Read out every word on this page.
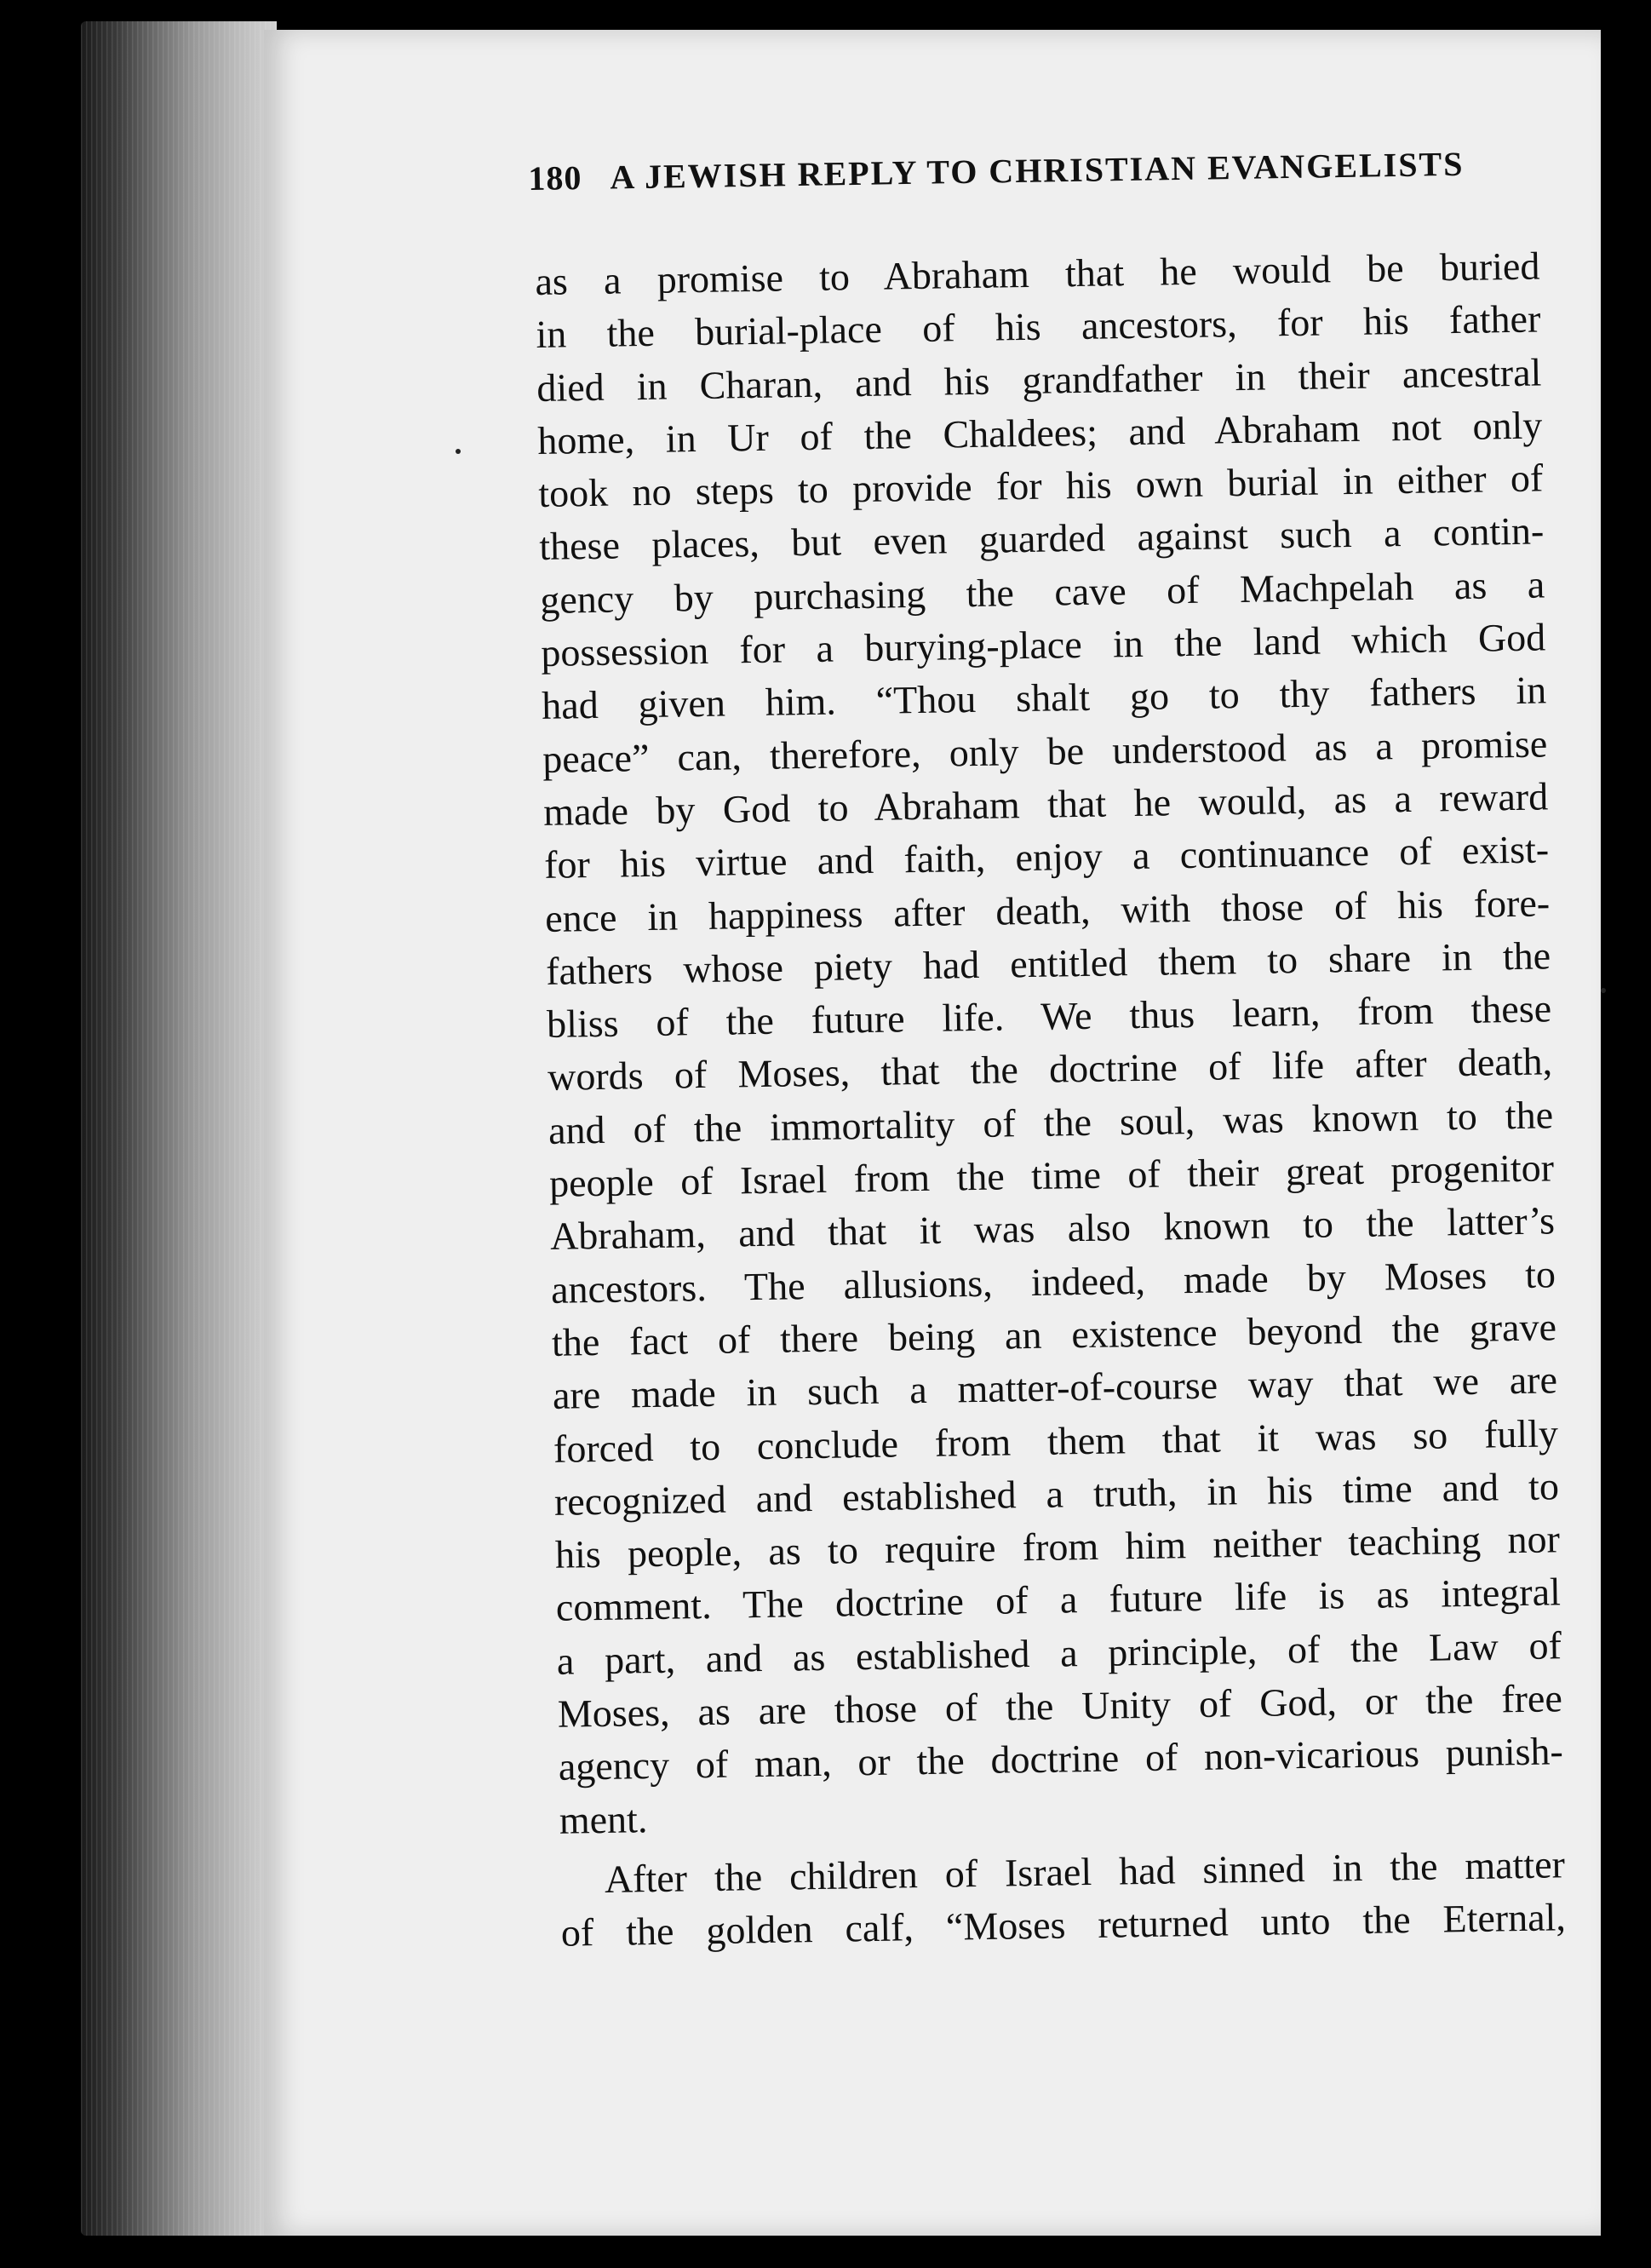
180 A JEWISH REPLY TO CHRISTIAN EVANGELISTS
as a promise to Abraham that he would be buried
in the burial-place of his ancestors, for his father
died in Charan, and his grandfather in their ancestral
home, in Ur of the Chaldees; and Abraham not only
took no steps to provide for his own burial in either of
these places, but even guarded against such a contin-
gency by purchasing the cave of Machpelah as a
possession for a burying-place in the land which God
had given him. “Thou shalt go to thy fathers in
peace” can, therefore, only be understood as a promise
made by God to Abraham that he would, as a reward
for his virtue and faith, enjoy a continuance of exist-
ence in happiness after death, with those of his fore-
fathers whose piety had entitled them to share in the
bliss of the future life. We thus learn, from these
words of Moses, that the doctrine of life after death,
and of the immortality of the soul, was known to the
people of Israel from the time of their great progenitor
Abraham, and that it was also known to the latter’s
ancestors. The allusions, indeed, made by Moses to
the fact of there being an existence beyond the grave
are made in such a matter-of-course way that we are
forced to conclude from them that it was so fully
recognized and established a truth, in his time and to
his people, as to require from him neither teaching nor
comment. The doctrine of a future life is as integral
a part, and as established a principle, of the Law of
Moses, as are those of the Unity of God, or the free
agency of man, or the doctrine of non-vicarious punish-
ment.
After the children of Israel had sinned in the matter
of the golden calf, “Moses returned unto the Eternal,
